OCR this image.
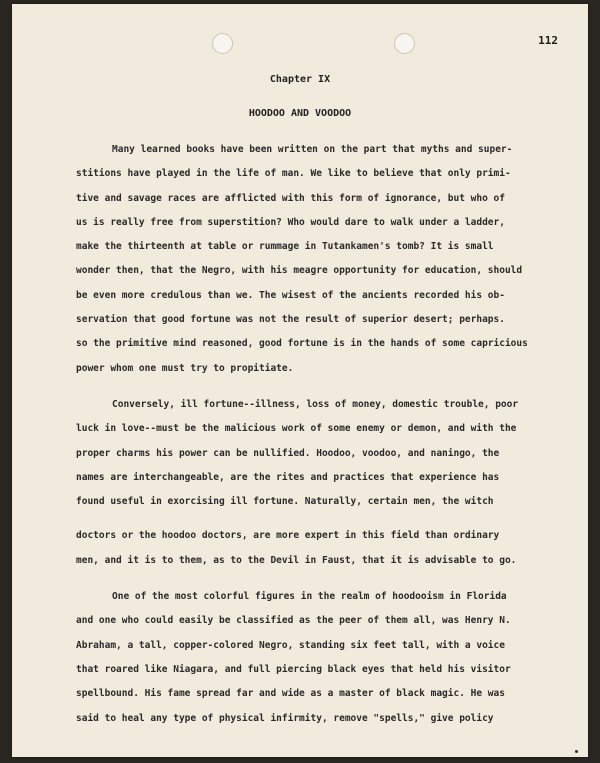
112
Chapter IX
HOODOO AND VOODOO
Many learned books have been written on the part that myths and super-
stitions have played in the life of man. We like to believe that only primi-
tive and savage races are afflicted with this form of ignorance, but who of
us is really free from superstition? Who would dare to walk under a ladder,
make the thirteenth at table or rummage in Tutankamen's tomb? It is small
wonder then, that the Negro, with his meagre opportunity for education, should
be even more credulous than we. The wisest of the ancients recorded his ob-
servation that good fortune was not the result of superior desert; perhaps.
so the primitive mind reasoned, good fortune is in the hands of some capricious
power whom one must try to propitiate.
Conversely, ill fortune--illness, loss of money, domestic trouble, poor
luck in love--must be the malicious work of some enemy or demon, and with the
proper charms his power can be nullified. Hoodoo, voodoo, and naningo, the
names are interchangeable, are the rites and practices that experience has
found useful in exorcising ill fortune. Naturally, certain men, the witch
doctors or the hoodoo doctors, are more expert in this field than ordinary
men, and it is to them, as to the Devil in Faust, that it is advisable to go.
One of the most colorful figures in the realm of hoodooism in Florida
and one who could easily be classified as the peer of them all, was Henry N.
Abraham, a tall, copper-colored Negro, standing six feet tall, with a voice
that roared like Niagara, and full piercing black eyes that held his visitor
spellbound. His fame spread far and wide as a master of black magic. He was
said to heal any type of physical infirmity, remove "spells," give policy
